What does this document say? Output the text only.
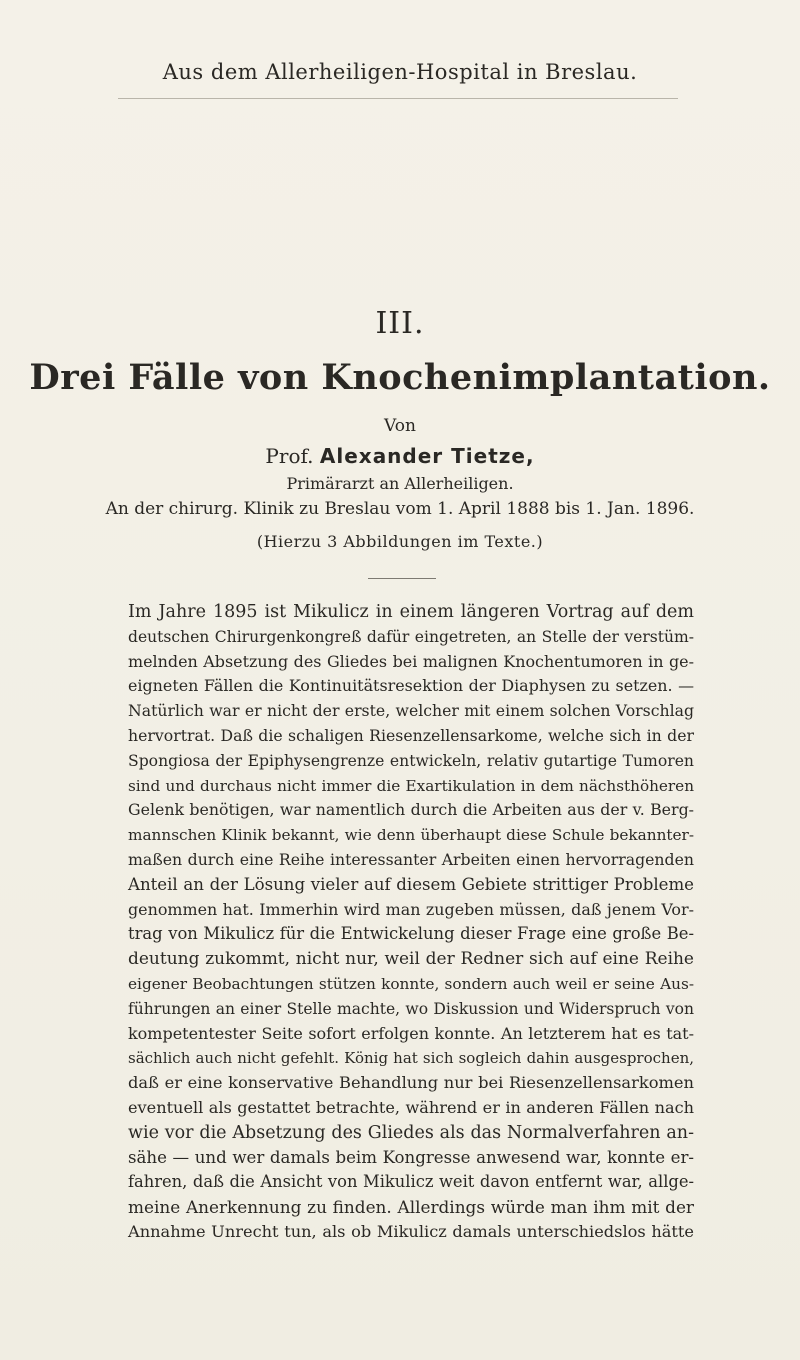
Aus dem Allerheiligen-Hospital in Breslau.
III.
Drei Fälle von Knochenimplantation.
Von
Prof. Alexander Tietze,
Primärarzt an Allerheiligen.
An der chirurg. Klinik zu Breslau vom 1. April 1888 bis 1. Jan. 1896.
(Hierzu 3 Abbildungen im Texte.)
Im Jahre 1895 ist Mikulicz in einem längeren Vortrag auf dem
deutschen Chirurgenkongreß dafür eingetreten, an Stelle der verstüm-
melnden Absetzung des Gliedes bei malignen Knochentumoren in ge-
eigneten Fällen die Kontinuitätsresektion der Diaphysen zu setzen. —
Natürlich war er nicht der erste, welcher mit einem solchen Vorschlag
hervortrat. Daß die schaligen Riesenzellensarkome, welche sich in der
Spongiosa der Epiphysengrenze entwickeln, relativ gutartige Tumoren
sind und durchaus nicht immer die Exartikulation in dem nächsthöheren
Gelenk benötigen, war namentlich durch die Arbeiten aus der v. Berg-
mannschen Klinik bekannt, wie denn überhaupt diese Schule bekannter-
maßen durch eine Reihe interessanter Arbeiten einen hervorragenden
Anteil an der Lösung vieler auf diesem Gebiete strittiger Probleme
genommen hat. Immerhin wird man zugeben müssen, daß jenem Vor-
trag von Mikulicz für die Entwickelung dieser Frage eine große Be-
deutung zukommt, nicht nur, weil der Redner sich auf eine Reihe
eigener Beobachtungen stützen konnte, sondern auch weil er seine Aus-
führungen an einer Stelle machte, wo Diskussion und Widerspruch von
kompetentester Seite sofort erfolgen konnte. An letzterem hat es tat-
sächlich auch nicht gefehlt. König hat sich sogleich dahin ausgesprochen,
daß er eine konservative Behandlung nur bei Riesenzellensarkomen
eventuell als gestattet betrachte, während er in anderen Fällen nach
wie vor die Absetzung des Gliedes als das Normalverfahren an-
sähe — und wer damals beim Kongresse anwesend war, konnte er-
fahren, daß die Ansicht von Mikulicz weit davon entfernt war, allge-
meine Anerkennung zu finden. Allerdings würde man ihm mit der
Annahme Unrecht tun, als ob Mikulicz damals unterschiedslos hätte
